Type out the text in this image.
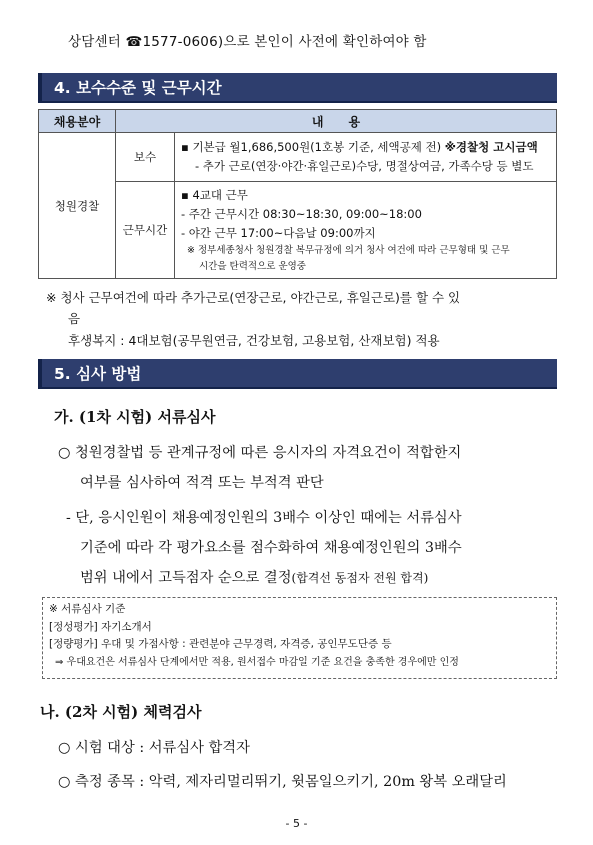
상담센터 ☎1577-0606)으로 본인이 사전에 확인하여야 함
4. 보수수준 및 근무시간
채용분야	내      용	
청원경찰	보수	▪ 기본급 월1,686,500원(1호봉 기준, 세액공제 전) ※경찰청 고시금액
- 추가 근로(연장·야간·휴일근로)수당, 명절상여금, 가족수당 등 별도

	근무시간	▪ 4교대 근무
- 주간 근무시간 08:30~18:30, 09:00~18:00
- 야간 근무 17:00~다음날 09:00까지
※ 정부세종청사 청원경찰 복무규정에 의거 청사 여건에 따라 근무형태 및 근무
시간을 탄력적으로 운영중
※ 청사 근무여건에 따라 추가근로(연장근로, 야간근로, 휴일근로)를 할 수 있
음
후생복지 : 4대보험(공무원연금, 건강보험, 고용보험, 산재보험) 적용
5. 심사 방법
가. (1차 시험) 서류심사
○ 청원경찰법 등 관계규정에 따른 응시자의 자격요건이 적합한지
여부를 심사하여 적격 또는 부적격 판단
- 단, 응시인원이 채용예정인원의 3배수 이상인 때에는 서류심사
기준에 따라 각 평가요소를 점수화하여 채용예정인원의 3배수
범위 내에서 고득점자 순으로 결정(합격선 동점자 전원 합격)
※ 서류심사 기준
[정성평가] 자기소개서
[정량평가] 우대 및 가점사항 : 관련분야 근무경력, 자격증, 공인무도단증 등
⇒ 우대요건은 서류심사 단계에서만 적용, 원서접수 마감일 기준 요건을 충족한 경우에만 인정
나. (2차 시험) 체력검사
○ 시험 대상 : 서류심사 합격자
○ 측정 종목 : 악력, 제자리멀리뛰기, 윗몸일으키기, 20m 왕복 오래달리
- 5 -
